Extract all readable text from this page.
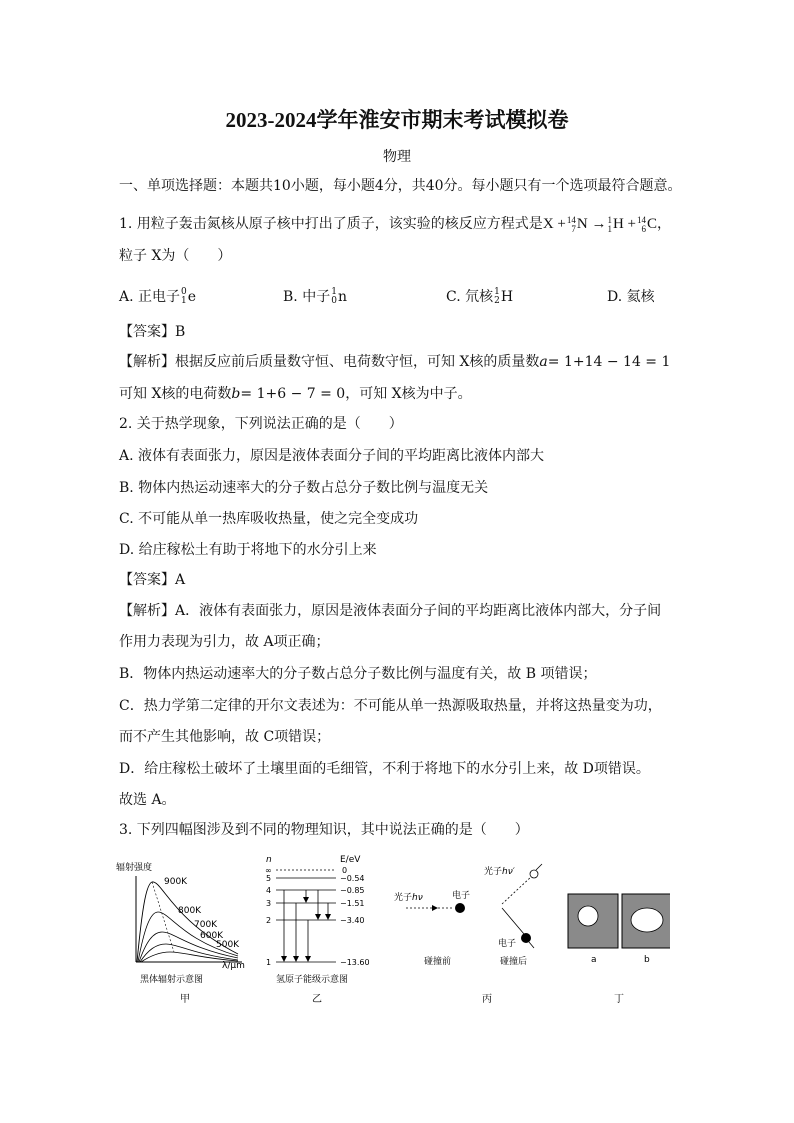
2023-2024学年淮安市期末考试模拟卷
物理
一、单项选择题：本题共10小题，每小题4分，共40分。每小题只有一个选项最符合题意。
1. 用粒子轰击氮核从原子核中打出了质子，该实验的核反应方程式是X +14
7N →1
1H +14
6C，
粒子 X为（　　）
A. 正电子0
1e	B. 中子1
0n	C. 氘核1
2H	D. 氦核
【答案】B
【解析】根据反应前后质量数守恒、电荷数守恒，可知 X核的质量数a= 1+14 − 14 = 1
可知 X核的电荷数b= 1+6 − 7 = 0，可知 X核为中子。
2. 关于热学现象，下列说法正确的是（　　）
A. 液体有表面张力，原因是液体表面分子间的平均距离比液体内部大
B. 物体内热运动速率大的分子数占总分子数比例与温度无关
C. 不可能从单一热库吸收热量，使之完全变成功
D. 给庄稼松土有助于将地下的水分引上来
【答案】A
【解析】A．液体有表面张力，原因是液体表面分子间的平均距离比液体内部大，分子间
作用力表现为引力，故 A项正确；
B．物体内热运动速率大的分子数占总分子数比例与温度有关，故 B 项错误；
C．热力学第二定律的开尔文表述为：不可能从单一热源吸取热量，并将这热量变为功，
而不产生其他影响，故 C项错误；
D．给庄稼松土破坏了土壤里面的毛细管，不利于将地下的水分引上来，故 D项错误。
故选 A。
3. 下列四幅图涉及到不同的物理知识，其中说法正确的是（　　）
辐射强度
900K
800K
700K
600K
500K
λ/μm
黑体辐射示意图
甲
n	E/eV
∞
5
4
3
2
1
0
−0.54
−0.85
−1.51
−3.40
−13.60
氢原子能级示意图
乙
光子hν	电子
碰撞前
光子hν′
电子
碰撞后
丙
a	b
丁
